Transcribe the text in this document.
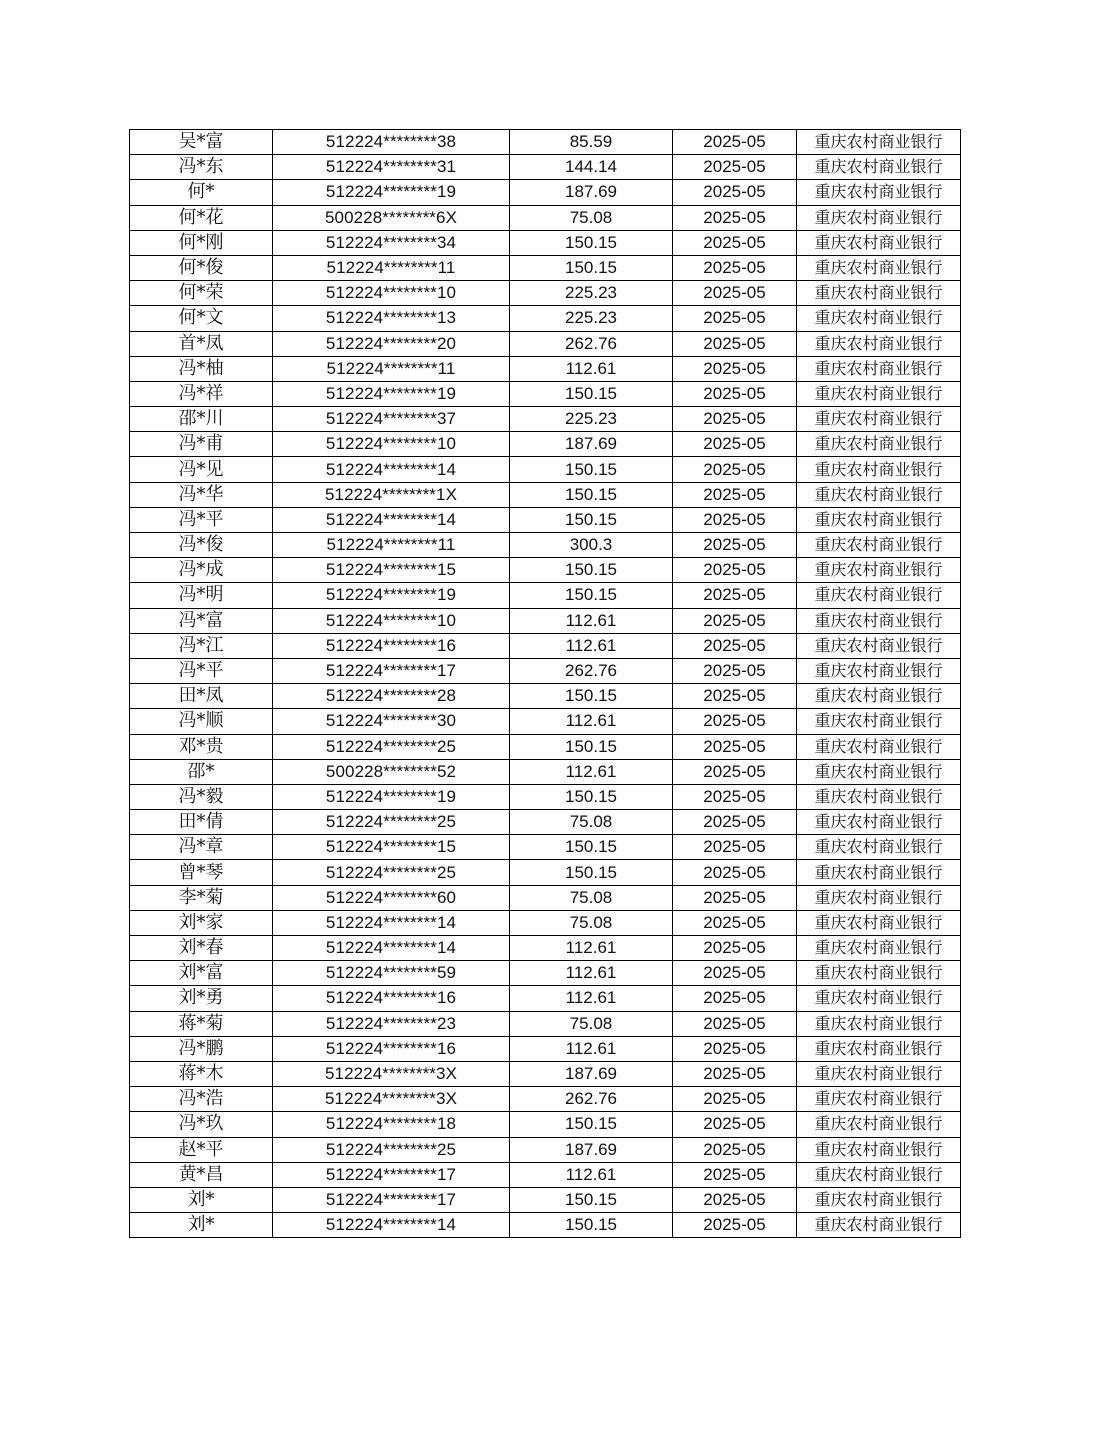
吴*富	512224********38	85.59	2025-05	重庆农村商业银行
冯*东	512224********31	144.14	2025-05	重庆农村商业银行
何*	512224********19	187.69	2025-05	重庆农村商业银行
何*花	500228********6X	75.08	2025-05	重庆农村商业银行
何*刚	512224********34	150.15	2025-05	重庆农村商业银行
何*俊	512224********11	150.15	2025-05	重庆农村商业银行
何*荣	512224********10	225.23	2025-05	重庆农村商业银行
何*文	512224********13	225.23	2025-05	重庆农村商业银行
首*凤	512224********20	262.76	2025-05	重庆农村商业银行
冯*柚	512224********11	112.61	2025-05	重庆农村商业银行
冯*祥	512224********19	150.15	2025-05	重庆农村商业银行
邵*川	512224********37	225.23	2025-05	重庆农村商业银行
冯*甫	512224********10	187.69	2025-05	重庆农村商业银行
冯*见	512224********14	150.15	2025-05	重庆农村商业银行
冯*华	512224********1X	150.15	2025-05	重庆农村商业银行
冯*平	512224********14	150.15	2025-05	重庆农村商业银行
冯*俊	512224********11	300.3	2025-05	重庆农村商业银行
冯*成	512224********15	150.15	2025-05	重庆农村商业银行
冯*明	512224********19	150.15	2025-05	重庆农村商业银行
冯*富	512224********10	112.61	2025-05	重庆农村商业银行
冯*江	512224********16	112.61	2025-05	重庆农村商业银行
冯*平	512224********17	262.76	2025-05	重庆农村商业银行
田*凤	512224********28	150.15	2025-05	重庆农村商业银行
冯*顺	512224********30	112.61	2025-05	重庆农村商业银行
邓*贵	512224********25	150.15	2025-05	重庆农村商业银行
邵*	500228********52	112.61	2025-05	重庆农村商业银行
冯*毅	512224********19	150.15	2025-05	重庆农村商业银行
田*倩	512224********25	75.08	2025-05	重庆农村商业银行
冯*章	512224********15	150.15	2025-05	重庆农村商业银行
曾*琴	512224********25	150.15	2025-05	重庆农村商业银行
李*菊	512224********60	75.08	2025-05	重庆农村商业银行
刘*家	512224********14	75.08	2025-05	重庆农村商业银行
刘*春	512224********14	112.61	2025-05	重庆农村商业银行
刘*富	512224********59	112.61	2025-05	重庆农村商业银行
刘*勇	512224********16	112.61	2025-05	重庆农村商业银行
蒋*菊	512224********23	75.08	2025-05	重庆农村商业银行
冯*鹏	512224********16	112.61	2025-05	重庆农村商业银行
蒋*木	512224********3X	187.69	2025-05	重庆农村商业银行
冯*浩	512224********3X	262.76	2025-05	重庆农村商业银行
冯*玖	512224********18	150.15	2025-05	重庆农村商业银行
赵*平	512224********25	187.69	2025-05	重庆农村商业银行
黄*昌	512224********17	112.61	2025-05	重庆农村商业银行
刘*	512224********17	150.15	2025-05	重庆农村商业银行
刘*	512224********14	150.15	2025-05	重庆农村商业银行
